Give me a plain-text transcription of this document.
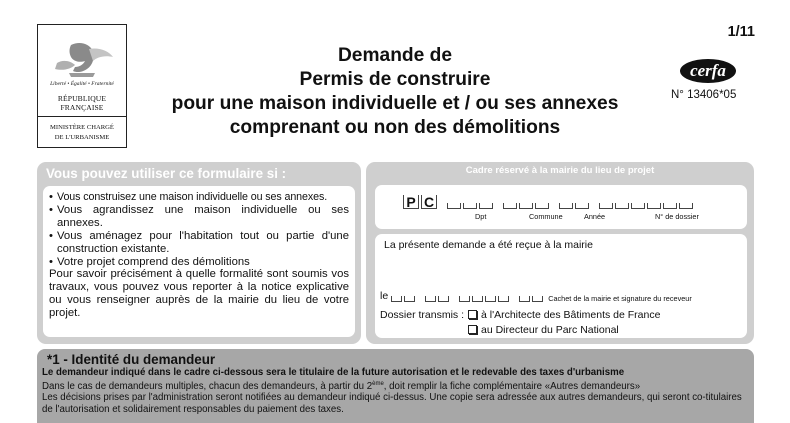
Liberté • Égalité • Fraternité
RÉPUBLIQUE FRANÇAISE
MINISTÈRE CHARGÉ
DE L'URBANISME
Demande de
Permis de construire
pour une maison individuelle et / ou ses annexes
comprenant ou non des démolitions
1/11
cerfa
N° 13406*05
Vous pouvez utiliser ce formulaire si :
• Vous construisez une maison individuelle ou ses annexes.
• Vous agrandissez une maison individuelle ou ses annexes.
• Vous aménagez pour l'habitation tout ou partie d'une construction existante.
• Votre projet comprend des démolitions
Pour savoir précisément à quelle formalité sont soumis vos travaux, vous pouvez vous reporter à la notice explicative ou vous renseigner auprès de la mairie du lieu de votre projet.
Cadre réservé à la mairie du lieu de projet
P C
Dpt	Commune	Année	N° de dossier
La présente demande a été reçue à la mairie
le	Cachet de la mairie et signature du receveur
Dossier transmis :	à l'Architecte des Bâtiments de France
au Directeur du Parc National
*1 - Identité du demandeur
Le demandeur indiqué dans le cadre ci-dessous sera le titulaire de la future autorisation et le redevable des taxes d'urbanisme
Dans le cas de demandeurs multiples, chacun des demandeurs, à partir du 2ème, doit remplir la fiche complémentaire «Autres demandeurs»
Les décisions prises par l'administration seront notifiées au demandeur indiqué ci-dessus. Une copie sera adressée aux autres demandeurs, qui seront co-titulaires de l'autorisation et solidairement responsables du paiement des taxes.
